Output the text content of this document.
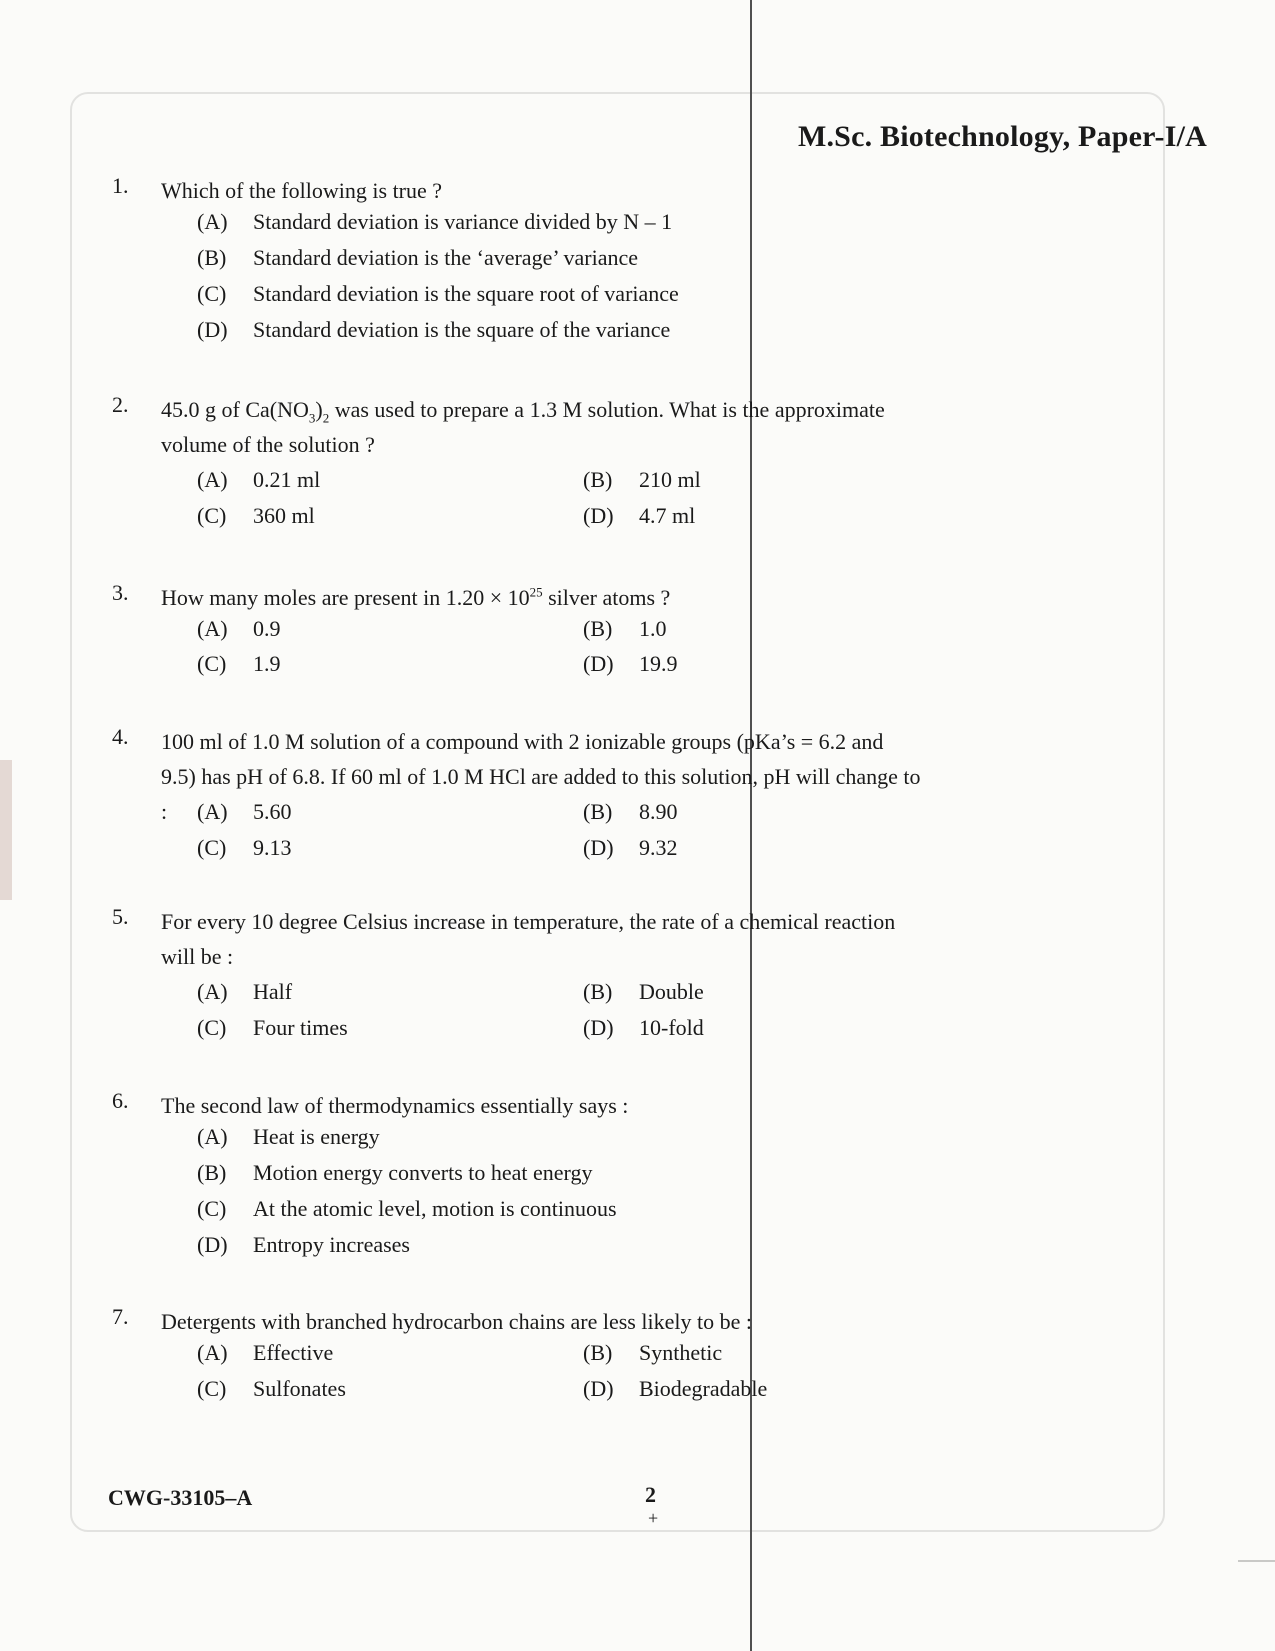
M.Sc. Biotechnology, Paper-I/A
1. Which of the following is true ?
(A) Standard deviation is variance divided by N – 1
(B) Standard deviation is the ‘average’ variance
(C) Standard deviation is the square root of variance
(D) Standard deviation is the square of the variance
2. 45.0 g of $Ca(NO_3)_2$ was used to prepare a 1.3 M solution. What is the approximate volume of the solution ?
(A) 0.21 ml	(B) 210 ml
(C) 360 ml	(D) 4.7 ml
3. How many moles are present in $1.20 \times 10^{25}$ silver atoms ?
(A) 0.9	(B) 1.0
(C) 1.9	(D) 19.9
4. 100 ml of 1.0 M solution of a compound with 2 ionizable groups (pKa’s = 6.2 and 9.5) has pH of 6.8. If 60 ml of 1.0 M HCl are added to this solution, pH will change to :	(A) 5.60	(B) 8.90
(C) 9.13	(D) 9.32
5. For every 10 degree Celsius increase in temperature, the rate of a chemical reaction will be :
(A) Half	(B) Double
(C) Four times	(D) 10-fold
6. The second law of thermodynamics essentially says :
(A) Heat is energy
(B) Motion energy converts to heat energy
(C) At the atomic level, motion is continuous
(D) Entropy increases
7. Detergents with branched hydrocarbon chains are less likely to be :
(A) Effective	(B) Synthetic
(C) Sulfonates	(D) Biodegradable
CWG-33105–A	2
+
